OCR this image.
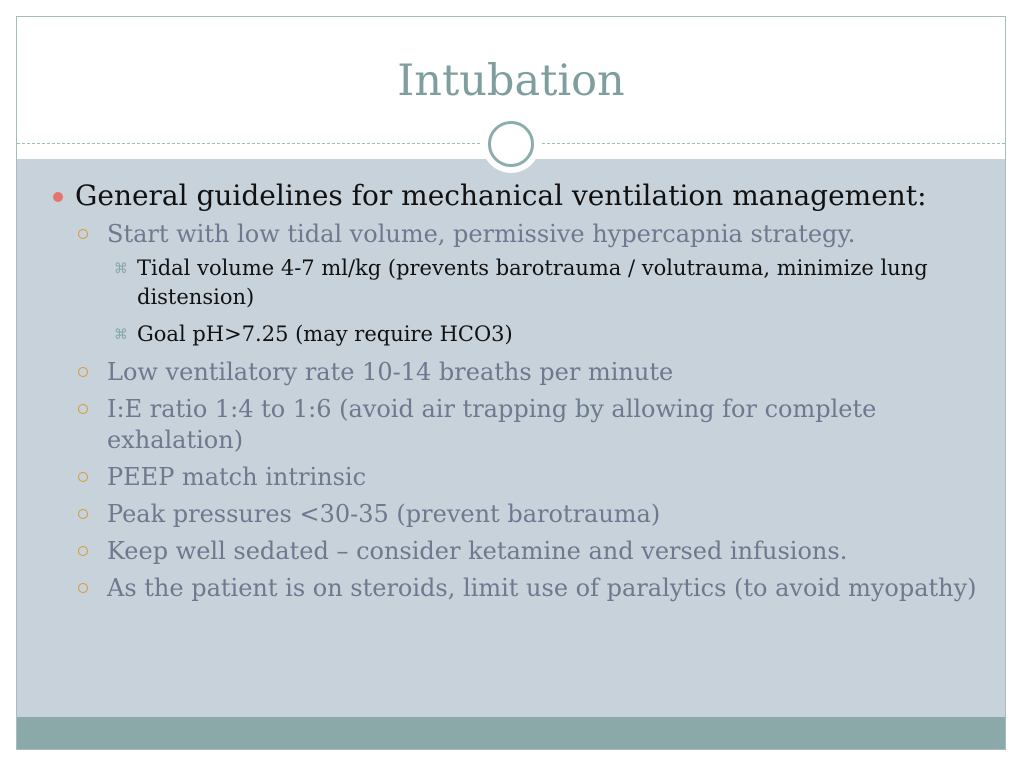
Intubation
General guidelines for mechanical ventilation management:
Start with low tidal volume, permissive hypercapnia strategy.
⌘ Tidal volume 4-7 ml/kg (prevents barotrauma / volutrauma, minimize lung distension)
⌘ Goal pH>7.25 (may require HCO3)
Low ventilatory rate 10-14 breaths per minute
I:E ratio 1:4 to 1:6 (avoid air trapping by allowing for complete exhalation)
PEEP match intrinsic
Peak pressures <30-35 (prevent barotrauma)
Keep well sedated – consider ketamine and versed infusions.
As the patient is on steroids, limit use of paralytics (to avoid myopathy)
